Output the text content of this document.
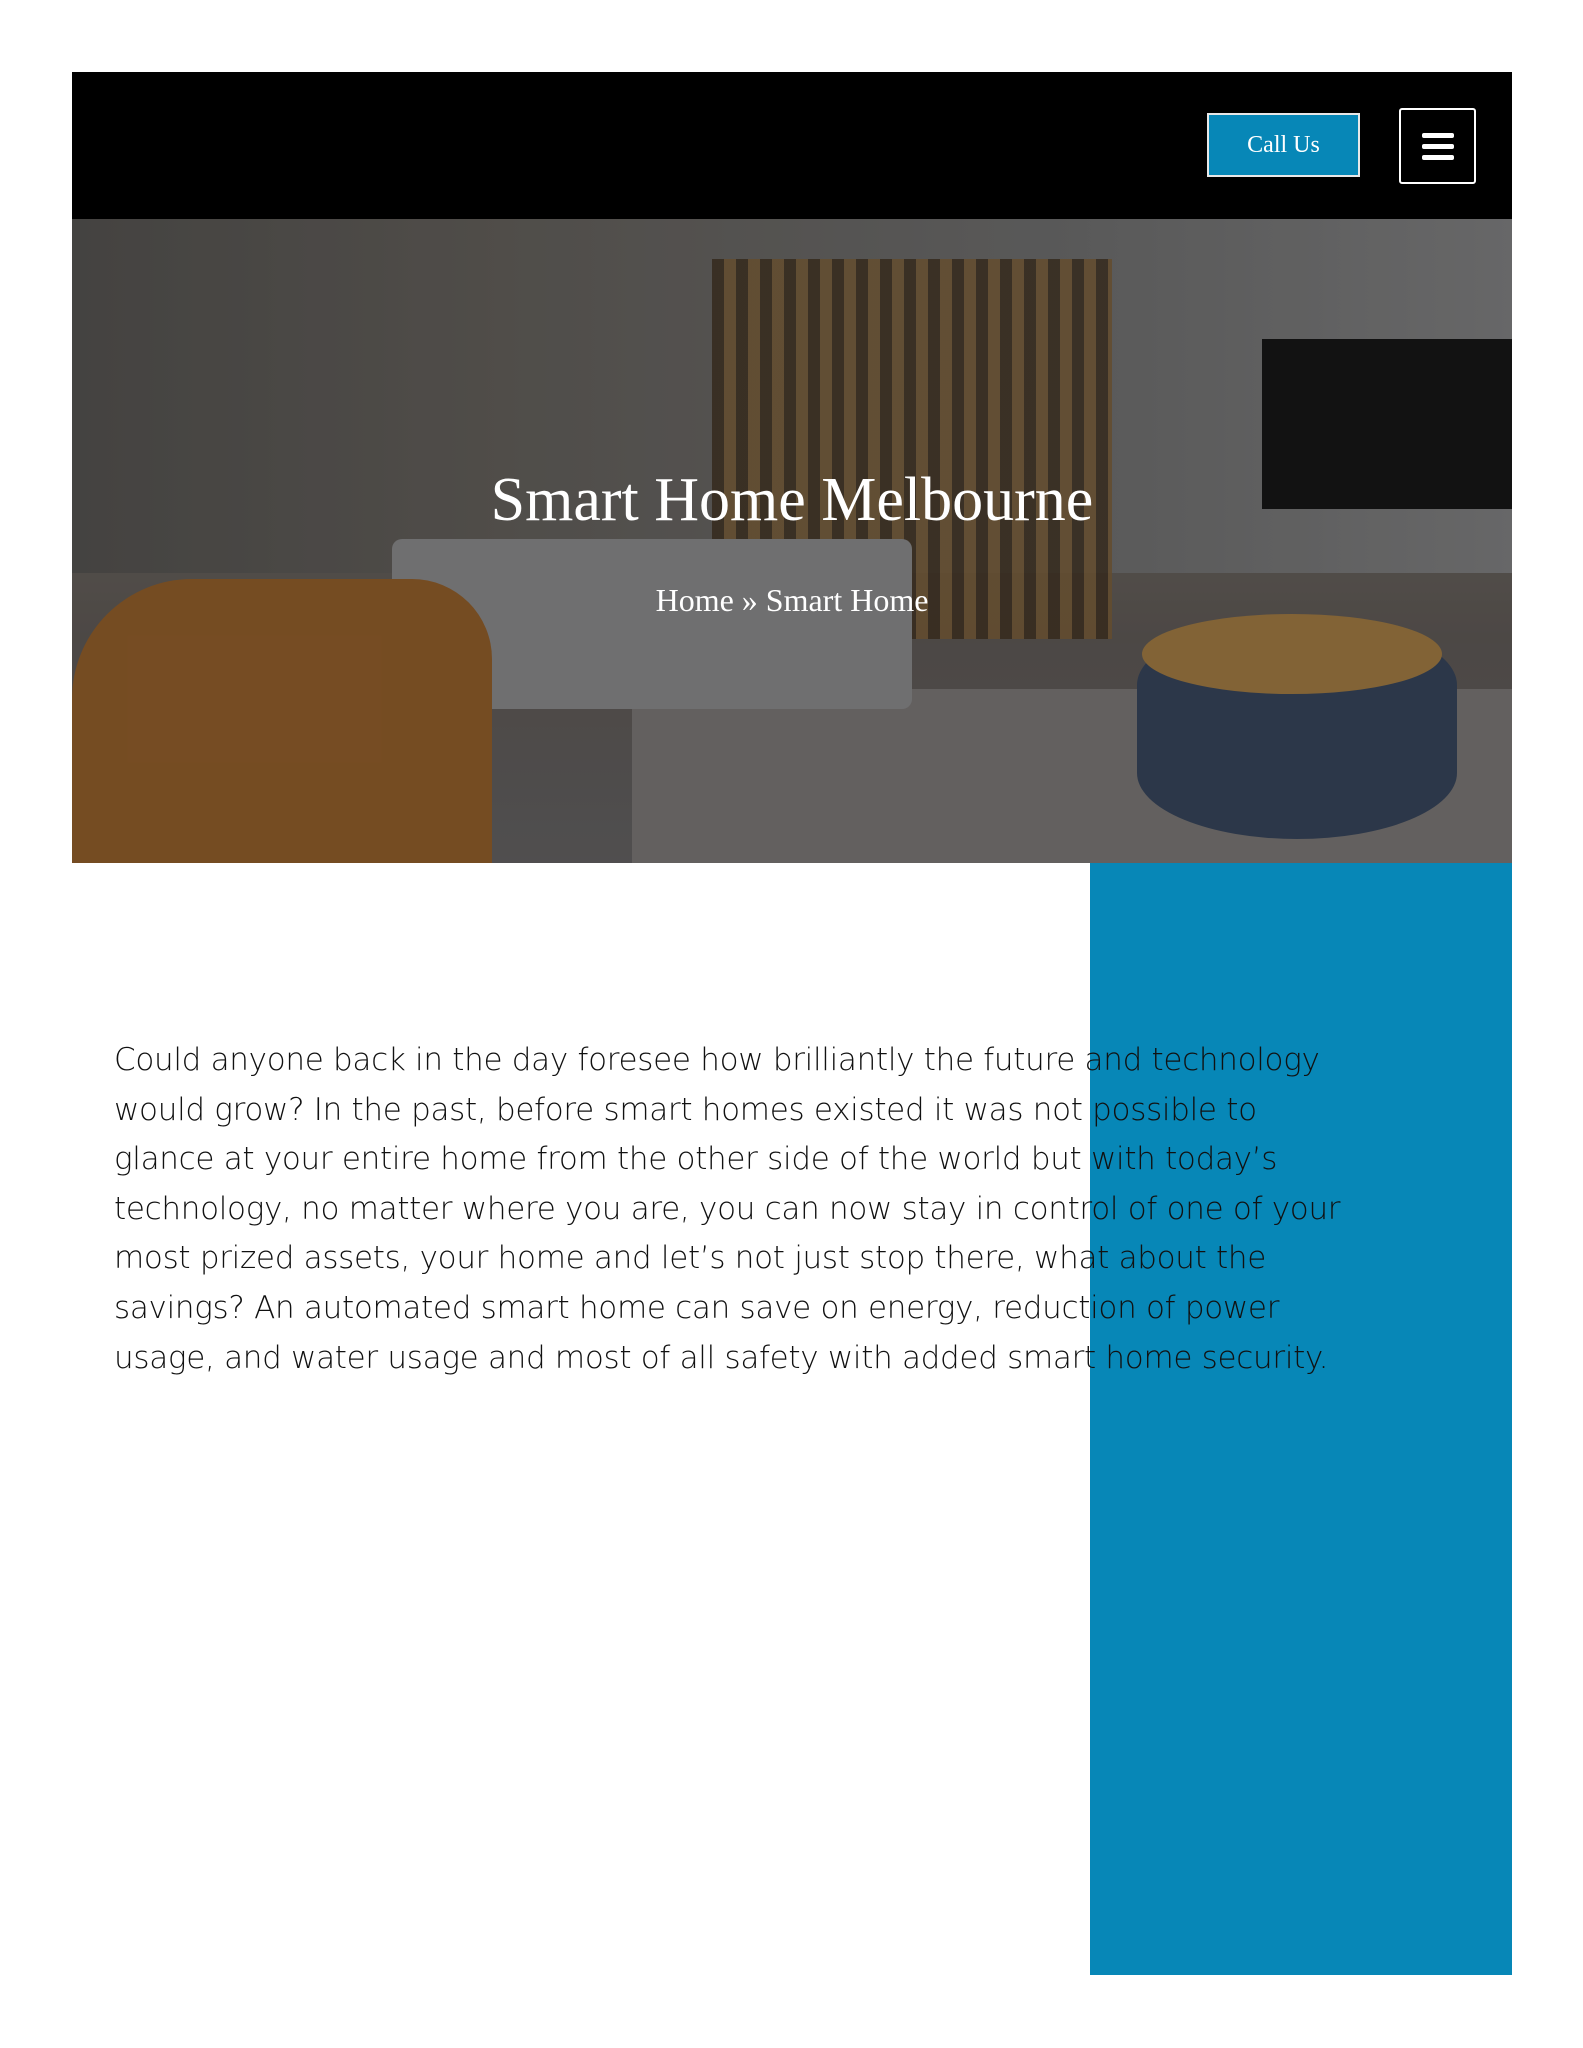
Call Us
Smart Home Melbourne
Home » Smart Home
Could anyone back in the day foresee how brilliantly the future and technology
would grow? In the past, before smart homes existed it was not possible to
glance at your entire home from the other side of the world but with today’s
technology, no matter where you are, you can now stay in control of one of your
most prized assets, your home and let’s not just stop there, what about the
savings? An automated smart home can save on energy, reduction of power
usage, and water usage and most of all safety with added smart home security.
